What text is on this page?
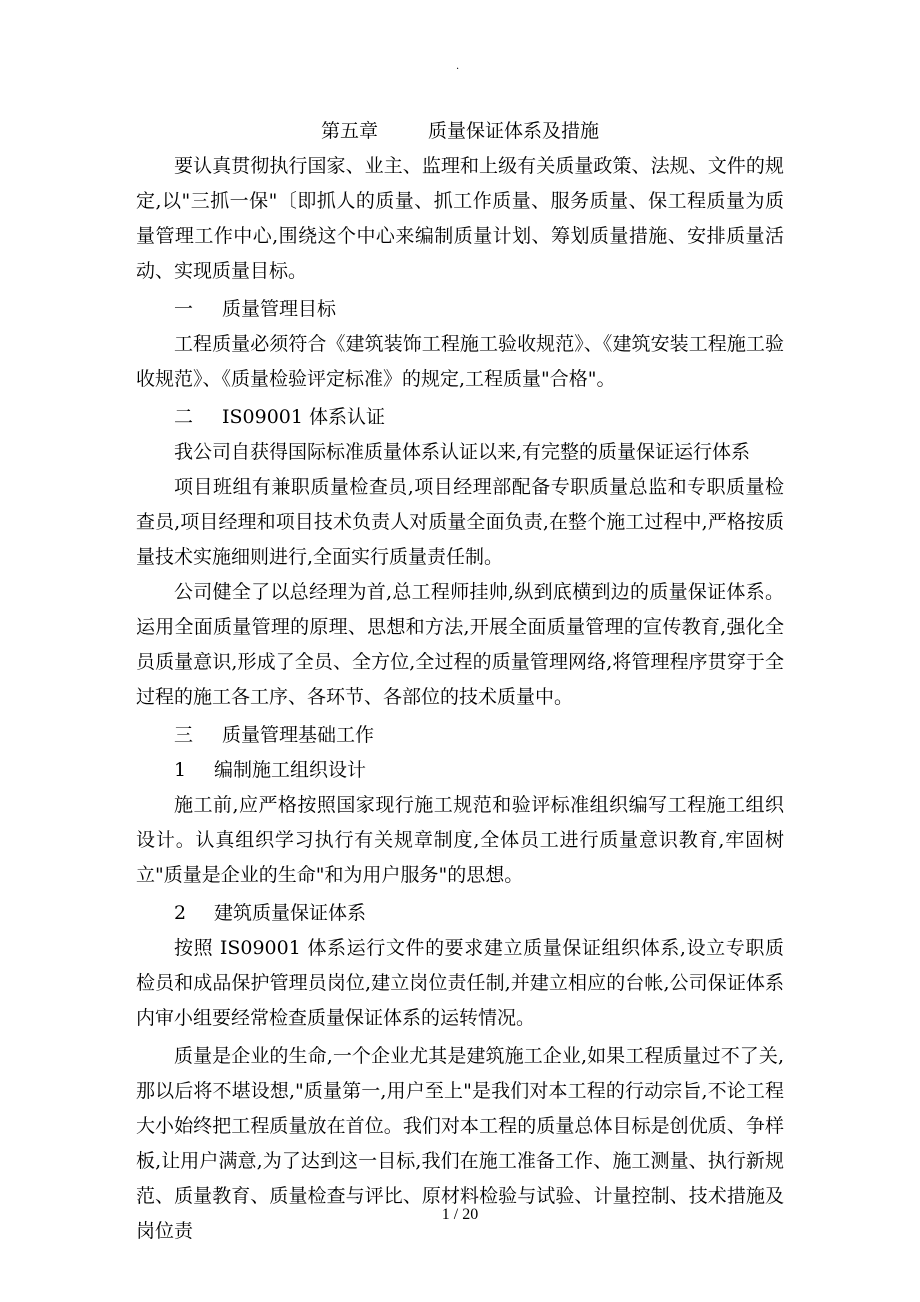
.
第五章	质量保证体系及措施

要认真贯彻执行国家、业主、监理和上级有关质量政策、法规、文件的规定,以"三抓一保"〔即抓人的质量、抓工作质量、服务质量、保工程质量为质量管理工作中心,围绕这个中心来编制质量计划、筹划质量措施、安排质量活动、实现质量目标。

一 质量管理目标

工程质量必须符合《建筑装饰工程施工验收规范》、《建筑安装工程施工验收规范》、《质量检验评定标准》的规定,工程质量"合格"。

二 IS09001 体系认证

我公司自获得国际标准质量体系认证以来,有完整的质量保证运行体系

项目班组有兼职质量检查员,项目经理部配备专职质量总监和专职质量检查员,项目经理和项目技术负责人对质量全面负责,在整个施工过程中,严格按质量技术实施细则进行,全面实行质量责任制。

公司健全了以总经理为首,总工程师挂帅,纵到底横到边的质量保证体系。运用全面质量管理的原理、思想和方法,开展全面质量管理的宣传教育,强化全员质量意识,形成了全员、全方位,全过程的质量管理网络,将管理程序贯穿于全过程的施工各工序、各环节、各部位的技术质量中。

三 质量管理基础工作

1 编制施工组织设计

施工前,应严格按照国家现行施工规范和验评标准组织编写工程施工组织设计。认真组织学习执行有关规章制度,全体员工进行质量意识教育,牢固树立"质量是企业的生命"和为用户服务"的思想。

2 建筑质量保证体系

按照 IS09001 体系运行文件的要求建立质量保证组织体系,设立专职质检员和成品保护管理员岗位,建立岗位责任制,并建立相应的台帐,公司保证体系内审小组要经常检查质量保证体系的运转情况。

质量是企业的生命,一个企业尤其是建筑施工企业,如果工程质量过不了关,那以后将不堪设想,"质量第一,用户至上"是我们对本工程的行动宗旨,不论工程大小始终把工程质量放在首位。我们对本工程的质量总体目标是创优质、争样板,让用户满意,为了达到这一目标,我们在施工准备工作、施工测量、执行新规范、质量教育、质量检查与评比、原材料检验与试验、计量控制、技术措施及岗位责

1 / 20
